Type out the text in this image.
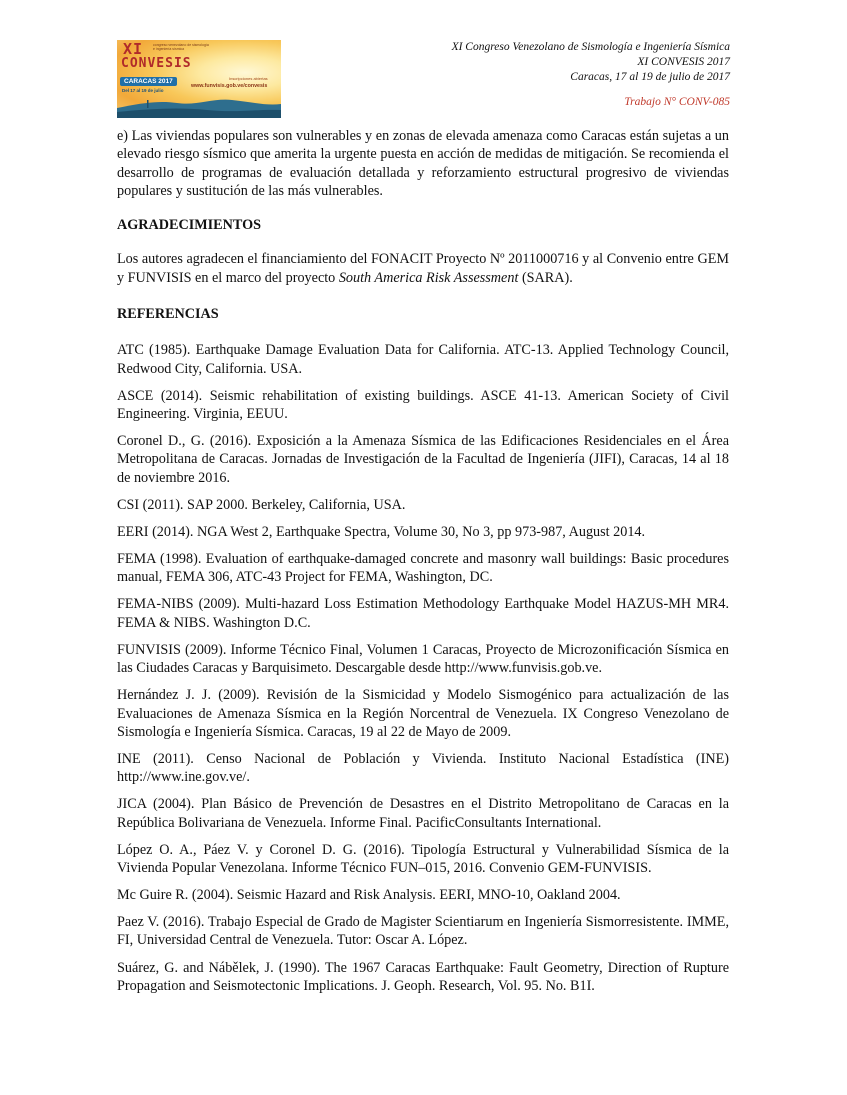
XI
CONVESIS
congreso venezolano de sismología e ingeniería sísmica
CARACAS 2017
Del 17 al 19 de julio
Inscripciones abiertas
www.funvisis.gob.ve/convesis
XI Congreso Venezolano de Sismología e Ingeniería Sísmica
XI CONVESIS 2017
Caracas, 17 al 19 de julio de 2017
Trabajo N° CONV-085

e) Las viviendas populares son vulnerables y en zonas de elevada amenaza como Caracas están sujetas a un elevado riesgo sísmico que amerita la urgente puesta en acción de medidas de mitigación. Se recomienda el desarrollo de programas de evaluación detallada y reforzamiento estructural progresivo de viviendas populares y sustitución de las más vulnerables.

AGRADECIMIENTOS

Los autores agradecen el financiamiento del FONACIT Proyecto Nº 2011000716 y al Convenio entre GEM y FUNVISIS en el marco del proyecto South America Risk Assessment (SARA).

REFERENCIAS

ATC (1985). Earthquake Damage Evaluation Data for California. ATC-13. Applied Technology Council, Redwood City, California. USA.

ASCE (2014). Seismic rehabilitation of existing buildings. ASCE 41-13. American Society of Civil Engineering. Virginia, EEUU.

Coronel D., G. (2016). Exposición a la Amenaza Sísmica de las Edificaciones Residenciales en el Área Metropolitana de Caracas. Jornadas de Investigación de la Facultad de Ingeniería (JIFI), Caracas, 14 al 18 de noviembre 2016.

CSI (2011). SAP 2000. Berkeley, California, USA.

EERI (2014). NGA West 2, Earthquake Spectra, Volume 30, No 3, pp 973-987, August 2014.

FEMA (1998). Evaluation of earthquake-damaged concrete and masonry wall buildings: Basic procedures manual, FEMA 306, ATC-43 Project for FEMA, Washington, DC.

FEMA-NIBS (2009). Multi-hazard Loss Estimation Methodology Earthquake Model HAZUS-MH MR4. FEMA & NIBS. Washington D.C.

FUNVISIS (2009). Informe Técnico Final, Volumen 1 Caracas, Proyecto de Microzonificación Sísmica en las Ciudades Caracas y Barquisimeto. Descargable desde http://www.funvisis.gob.ve.

Hernández J. J. (2009). Revisión de la Sismicidad y Modelo Sismogénico para actualización de las Evaluaciones de Amenaza Sísmica en la Región Norcentral de Venezuela. IX Congreso Venezolano de Sismología e Ingeniería Sísmica. Caracas, 19 al 22 de Mayo de 2009.

INE (2011). Censo Nacional de Población y Vivienda. Instituto Nacional Estadística (INE) http://www.ine.gov.ve/.

JICA (2004). Plan Básico de Prevención de Desastres en el Distrito Metropolitano de Caracas en la República Bolivariana de Venezuela. Informe Final. PacificConsultants International.

López O. A., Páez V. y Coronel D. G. (2016). Tipología Estructural y Vulnerabilidad Sísmica de la Vivienda Popular Venezolana. Informe Técnico FUN–015, 2016. Convenio GEM-FUNVISIS.

Mc Guire R. (2004). Seismic Hazard and Risk Analysis. EERI, MNO-10, Oakland 2004.

Paez V. (2016). Trabajo Especial de Grado de Magister Scientiarum en Ingeniería Sismorresistente. IMME, FI, Universidad Central de Venezuela. Tutor: Oscar A. López.

Suárez, G. and Nábělek, J. (1990). The 1967 Caracas Earthquake: Fault Geometry, Direction of Rupture Propagation and Seismotectonic Implications. J. Geoph. Research, Vol. 95. No. B1I.
